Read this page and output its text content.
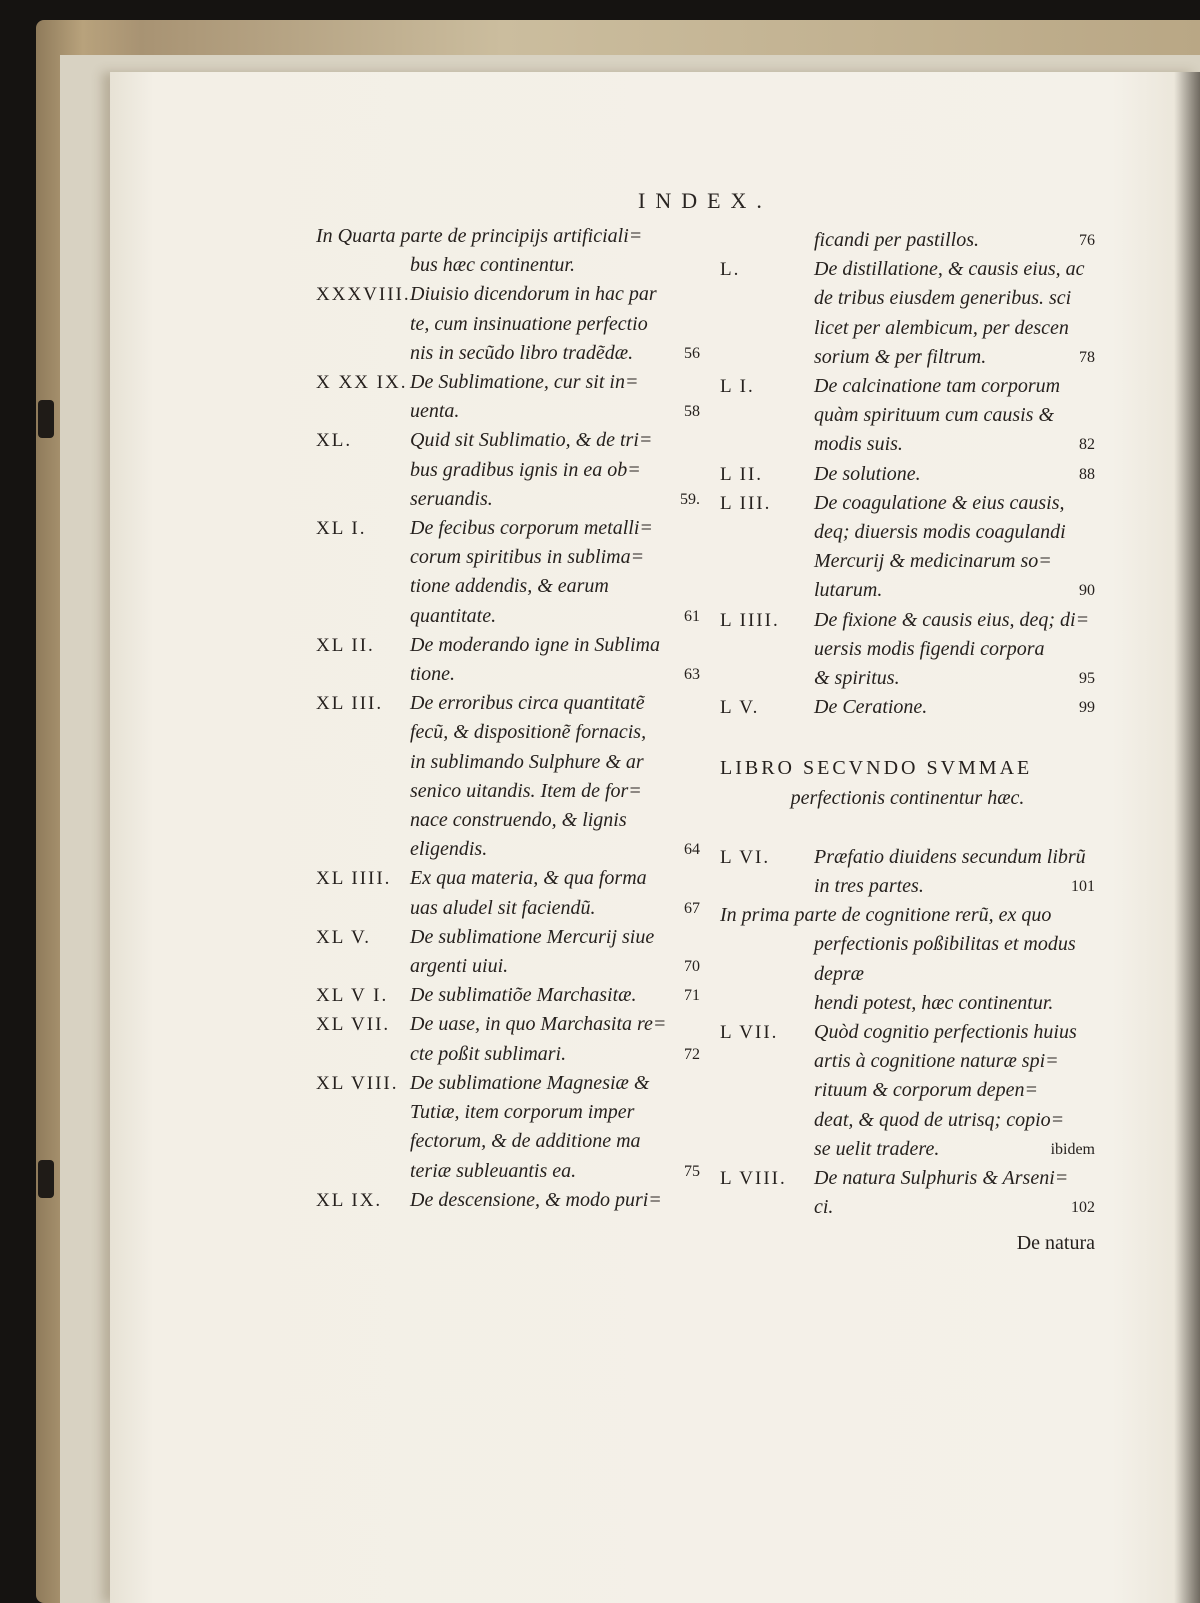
INDEX.
In Quarta parte de principijs artificiali=
bus hæc continentur.
XXXVIII. Diuisio dicendorum in hac par
te, cum insinuatione perfectio
nis in secũdo libro tradẽdæ.	56
X XX IX. De Sublimatione, cur sit in=
uenta.	58
XL.	Quid sit Sublimatio, & de tri=
bus gradibus ignis in ea ob=
seruandis.	59.
XL I.	De fecibus corporum metalli=
corum spiritibus in sublima=
tione addendis, & earum
quantitate.	61
XL II.	De moderando igne in Sublima
tione.	63
XL III.	De erroribus circa quantitatẽ
fecũ, & dispositionẽ fornacis,
in sublimando Sulphure & ar
senico uitandis. Item de for=
nace construendo, & lignis
eligendis.	64
XL IIII. Ex qua materia, & qua forma
uas aludel sit faciendũ.	67
XL V.	De sublimatione Mercurij siue
argenti uiui.	70
XL V I.	De sublimatiõe Marchasitæ.	71
XL VII. De uase, in quo Marchasita re=
cte poßit sublimari.	72
XL VIII. De sublimatione Magnesiæ &
Tutiæ, item corporum imper
fectorum, & de additione ma
teriæ subleuantis ea.	75
XL IX.	De descensione, & modo puri=
ficandi per pastillos.	76
L.	De distillatione, & causis eius, ac
de tribus eiusdem generibus. sci
licet per alembicum, per descen
sorium & per filtrum.	78
L I.	De calcinatione tam corporum
quàm spirituum cum causis &
modis suis.	82
L II.	De solutione.	88
L III.	De coagulatione & eius causis,
deq; diuersis modis coagulandi
Mercurij & medicinarum so=
lutarum.	90
L IIII.	De fixione & causis eius, deq; di=
uersis modis figendi corpora
& spiritus.	95
L V.	De Ceratione.	99
LIBRO SECVNDO SVMMAE
perfectionis continentur hæc.
L VI.	Præfatio diuidens secundum librũ
in tres partes.	101
In prima parte de cognitione rerũ, ex quo
perfectionis poßibilitas et modus depræ
hendi potest, hæc continentur.
L VII.	Quòd cognitio perfectionis huius
artis à cognitione naturæ spi=
rituum & corporum depen=
deat, & quod de utrisq; copio=
se uelit tradere.	ibidem
L VIII.	De natura Sulphuris & Arseni=
ci.	102
De natura
